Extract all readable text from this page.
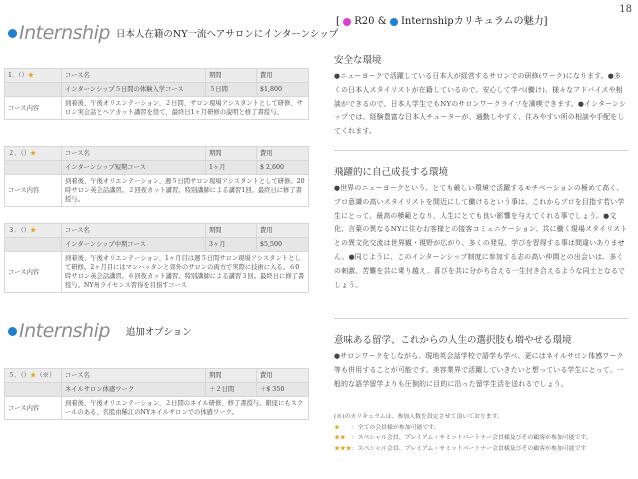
18
Internship 日本人在籍のNY一流ヘアサロンにインターンシップ
1．（）★	コース名	期間	費用
	インターンシップ５日間の体験入学コース	５日間	$1,800
コース内容	到着後、午後オリエンテーション、２日間、サロン現場アシスタントとして研修、サロン実会話とヘアカット講習を経て、最終日1ヶ月研修の説明と修了書授与。		
２．（）★	コース名	期間	費用
	インターンシップ短期コース	1ヶ月	$ 2,600
コース内容	到着後、午後オリエンテーション、週５日間サロン現場アシスタントとして研修。20時サロン英会話講習。２回夜カット講習。特別講師による講習1回。最終日に修了書授与。		
３．（）★	コース名	期間	費用
	インターンシップ中期コース	3ヶ月	$5,500
コース内容	到着後、午後オリエンテーション、1ヶ月目は週５日間サロン現場アシスタントとして研修。2ヶ月目にはマンハッタンと郊外のサロンの両方で実際に技術に入る。６0時サロン英会話講習。６回夜カット講習。特別講師による講習３回。最終日に修了書授与。NY州ライセンス習得を目指すコース		
Internship 追加オプション
５．（）★（※）	コース名	期間	費用
	ネイルサロン体感ワーク	＋２日間	＋$ 350
コース内容	到着後、午後オリエンテーション、２日間のネイル研修、修了書授与。銀座にもスクールのある、名股由稀江のNYネイルサロンでの体感ワーク。		
[  R20 &  Internshipカリキュラムの魅力]
安全な環境

●ニューヨークで活躍している日本人が経営するサロンでの研修(ワーク)になります。●多くの日本人スタイリストが在籍しているので、安心して学べ(働け)、様々なアドバイスや相談ができるので、日本人学生でもNYのサロンワークライフを満喫できます。●インターンシップでは、経験豊富な日本人チューターが、通勤しやすく、住みやすい所の相談や手配をしてくれます。

飛躍的に自己成長する環境

●世界のニューヨークという、とても厳しい環境で活躍するモチベーションの極めて高く、プロ意識の高いスタイリストを間近にして働けるという事は、これからプロを目指す若い学生にとって、最高の模範となり、人生にとても良い影響を与えてくれる事でしょう。●文化、言葉の異なるNYに住むお客様との接客コミュニケーション、共に働く現場スタイリストとの異文化交流は世界観・視野が広がり、多くの発見、学びを習得する事は間違いありません。●同じように、このインターンシップ制度に参加する志の高い仲間との出会いは、多くの刺激、苦難を共に乗り越え、喜びを共に分かち合える一生付き合えるような同士となるでしょう。

意味ある留学、これからの人生の選択肢も増やせる環境

●サロンワークをしながら、現地英会話学校で語学も学べ、更にはネイルサロン体感ワーク等も併用することが可能です。美容業界で活躍していきたいと想っている学生にとって、一般的な語学留学よりも圧倒的に目的に沿った留学生活を送れるでしょう。

(※)のカリキュラムは、参加人数を設定させて頂いております。
★　　 ：全ての会員様が参加可能です。
★★　 ：スペシャル会員、プレミアム・サミットパートナー会員様及びその顧客が参加可能です。
★★★：スペシャル会員、プレミアム・サミットパートナー会員様及びその顧客が参加可能です
